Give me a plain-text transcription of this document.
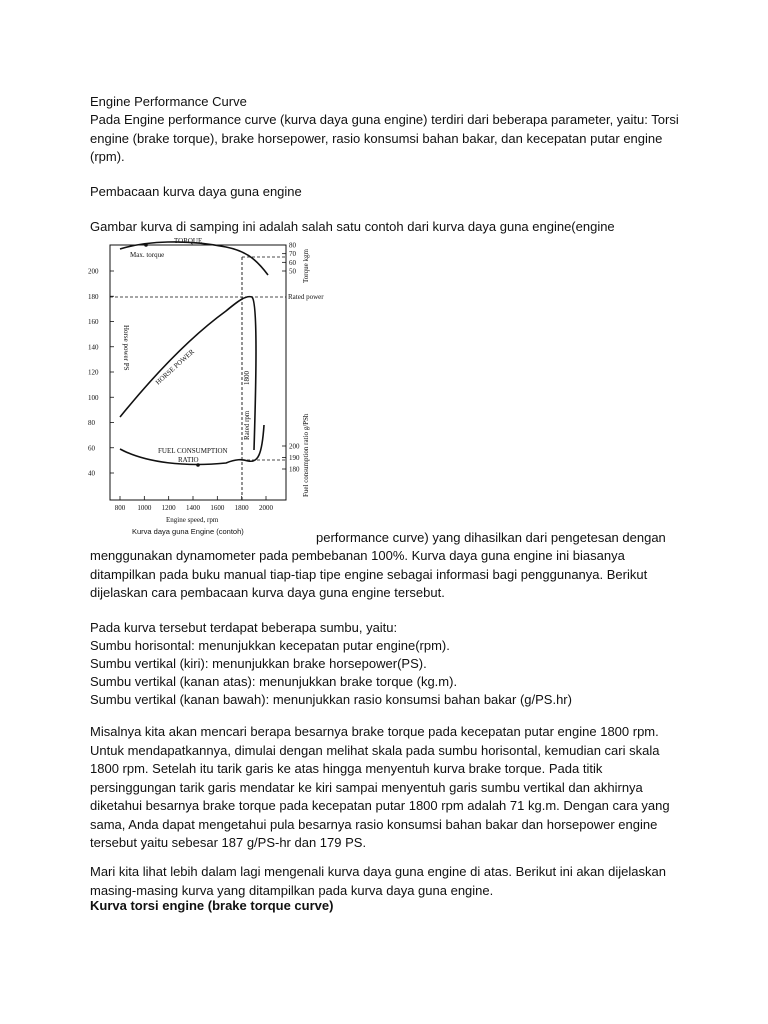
Engine Performance Curve
Pada Engine performance curve (kurva daya guna engine) terdiri dari beberapa parameter, yaitu: Torsi engine (brake torque), brake horsepower, rasio konsumsi bahan bakar, dan kecepatan putar engine (rpm).
Pembacaan kurva daya guna engine
Gambar kurva di samping ini adalah salah satu contoh dari kurva daya guna engine(engine
40
60
80
100
120
140
160
180
200
80
70
60
50
200
190
180
800 1000 1200 1400 1600 1800 2000
TORQUE
Max. torque
Rated power
HORSE POWER
Rated rpm
1800
FUEL CONSUMPTION
RATIO
Horse power PS
Torque kgm
Fuel consumption ratio g/PSh
Engine speed, rpm
Kurva daya guna Engine (contoh)	performance curve) yang dihasilkan dari pengetesan dengan
menggunakan dynamometer pada pembebanan 100%. Kurva daya guna engine ini biasanya ditampilkan pada buku manual tiap-tiap tipe engine sebagai informasi bagi penggunanya. Berikut dijelaskan cara pembacaan kurva daya guna engine tersebut.
Pada kurva tersebut terdapat beberapa sumbu, yaitu:
Sumbu horisontal: menunjukkan kecepatan putar engine(rpm).
Sumbu vertikal (kiri): menunjukkan brake horsepower(PS).
Sumbu vertikal (kanan atas): menunjukkan brake torque (kg.m).
Sumbu vertikal (kanan bawah): menunjukkan rasio konsumsi bahan bakar (g/PS.hr)
Misalnya kita akan mencari berapa besarnya brake torque pada kecepatan putar engine 1800 rpm. Untuk mendapatkannya, dimulai dengan melihat skala pada sumbu horisontal, kemudian cari skala 1800 rpm. Setelah itu tarik garis ke atas hingga menyentuh kurva brake torque. Pada titik persinggungan tarik garis mendatar ke kiri sampai menyentuh garis sumbu vertikal dan akhirnya diketahui besarnya brake torque pada kecepatan putar 1800 rpm adalah 71 kg.m. Dengan cara yang sama, Anda dapat mengetahui pula besarnya rasio konsumsi bahan bakar dan horsepower engine tersebut yaitu sebesar 187 g/PS-hr dan 179 PS.
Mari kita lihat lebih dalam lagi mengenali kurva daya guna engine di atas. Berikut ini akan dijelaskan masing-masing kurva yang ditampilkan pada kurva daya guna engine.
Kurva torsi engine (brake torque curve)
